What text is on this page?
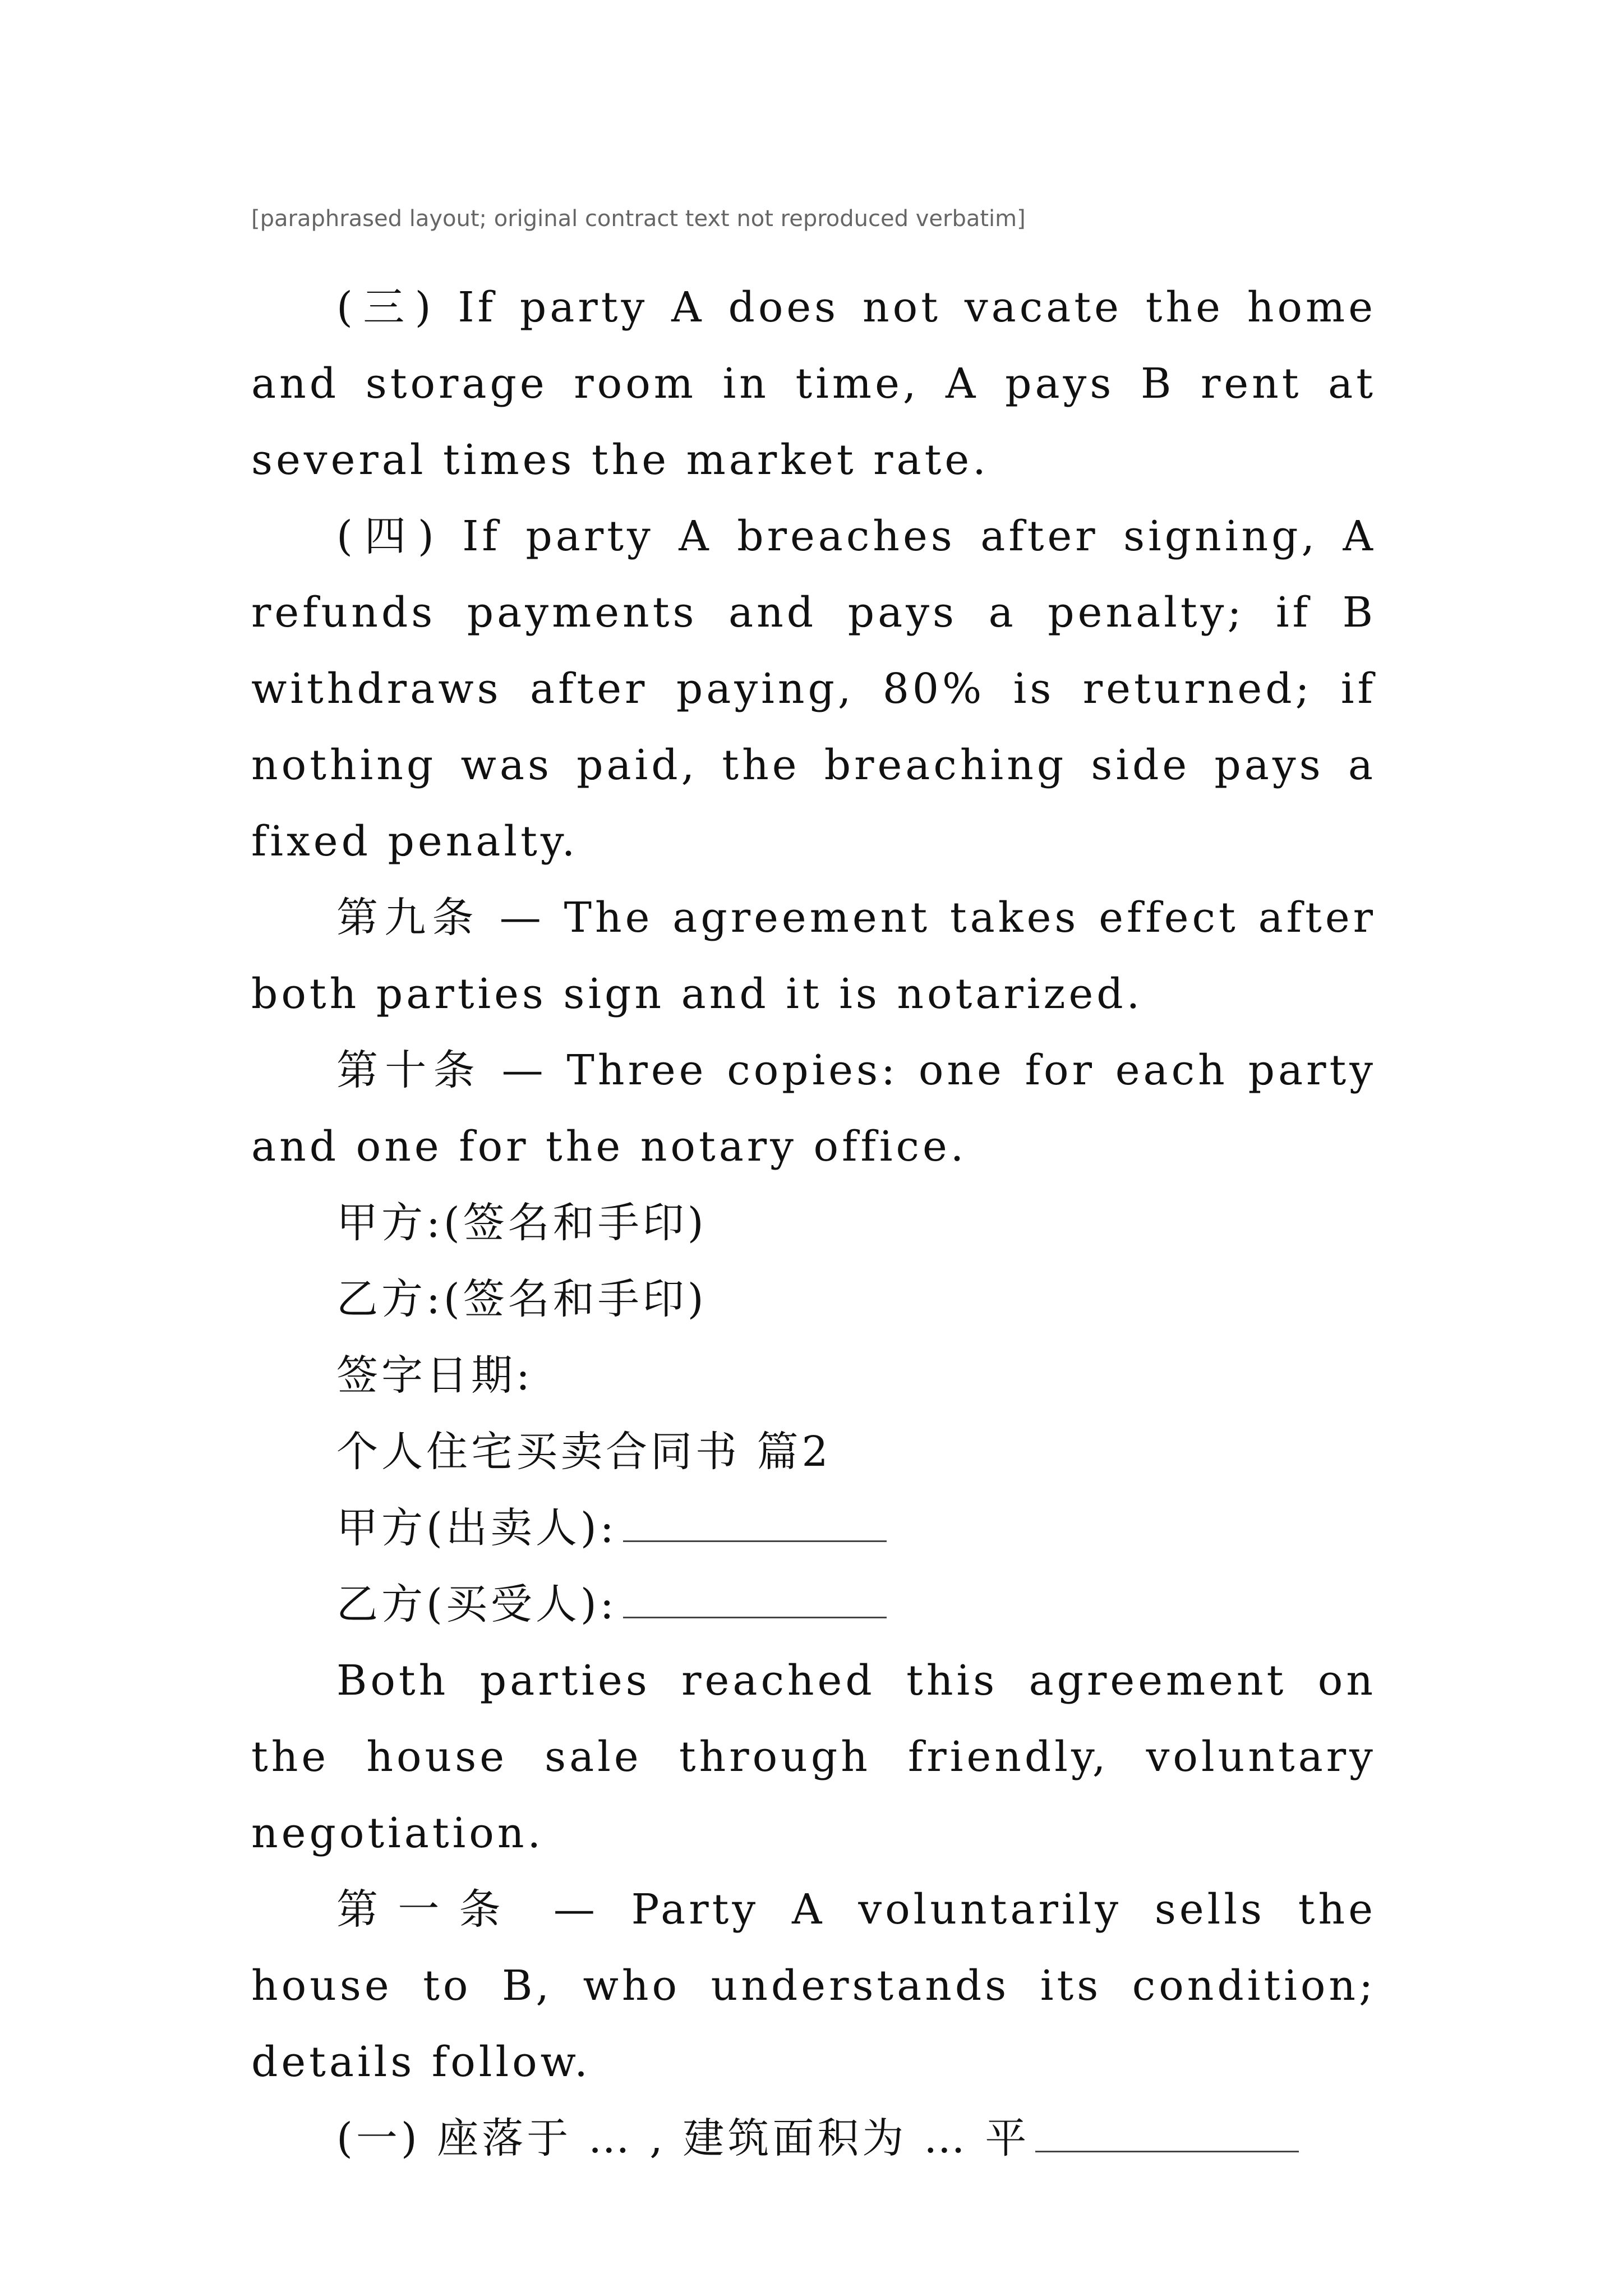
[paraphrased layout; original contract text not reproduced verbatim]

(三) If party A does not vacate the home and storage room in time, A pays B rent at several times the market rate.

(四) If party A breaches after signing, A refunds payments and pays a penalty; if B withdraws after paying, 80% is returned; if nothing was paid, the breaching side pays a fixed penalty.

第九条 — The agreement takes effect after both parties sign and it is notarized.

第十条 — Three copies: one for each party and one for the notary office.

甲方:(签名和手印)

乙方:(签名和手印)

签字日期:

个人住宅买卖合同书 篇2

甲方(出卖人):

乙方(买受人):

Both parties reached this agreement on the house sale through friendly, voluntary negotiation.

第一条 — Party A voluntarily sells the house to B, who understands its condition; details follow.

(一) 座落于 … , 建筑面积为 … 平
